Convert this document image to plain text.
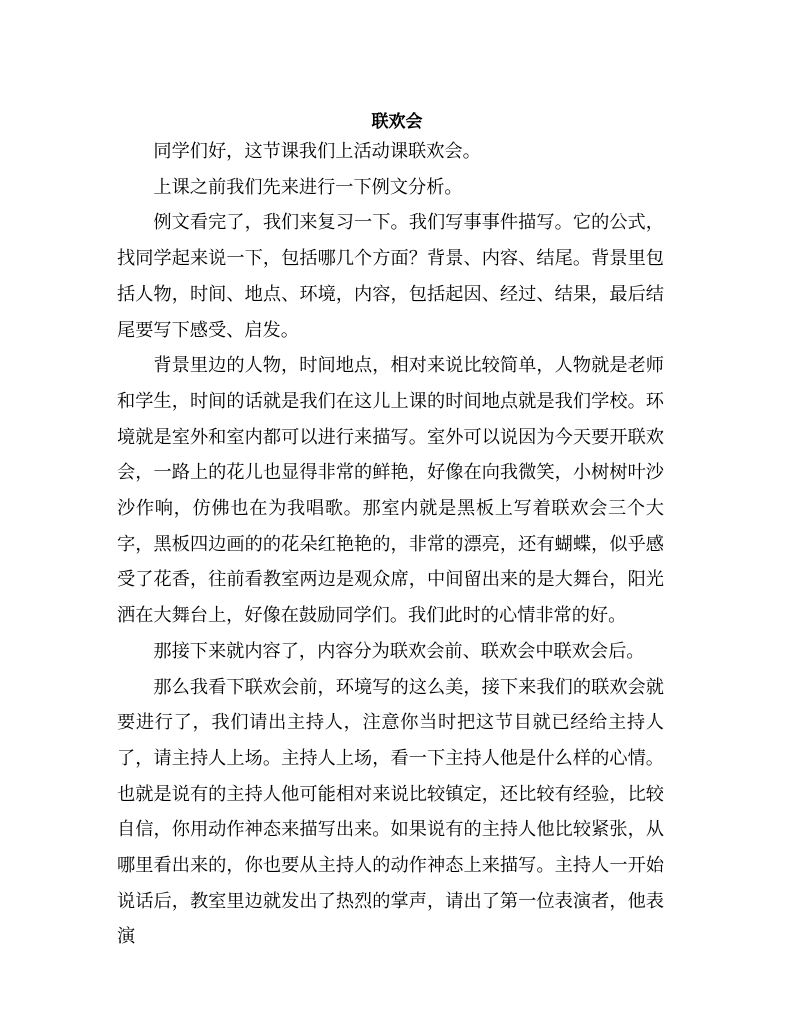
联欢会

同学们好，这节课我们上活动课联欢会。

上课之前我们先来进行一下例文分析。

例文看完了，我们来复习一下。我们写事事件描写。它的公式，找同学起来说一下，包括哪几个方面？背景、内容、结尾。背景里包括人物，时间、地点、环境，内容，包括起因、经过、结果，最后结尾要写下感受、启发。

背景里边的人物，时间地点，相对来说比较简单，人物就是老师和学生，时间的话就是我们在这儿上课的时间地点就是我们学校。环境就是室外和室内都可以进行来描写。室外可以说因为今天要开联欢会，一路上的花儿也显得非常的鲜艳，好像在向我微笑，小树树叶沙沙作响，仿佛也在为我唱歌。那室内就是黑板上写着联欢会三个大字，黑板四边画的的花朵红艳艳的，非常的漂亮，还有蝴蝶，似乎感受了花香，往前看教室两边是观众席，中间留出来的是大舞台，阳光洒在大舞台上，好像在鼓励同学们。我们此时的心情非常的好。

那接下来就内容了，内容分为联欢会前、联欢会中联欢会后。

那么我看下联欢会前，环境写的这么美，接下来我们的联欢会就要进行了，我们请出主持人，注意你当时把这节目就已经给主持人了，请主持人上场。主持人上场，看一下主持人他是什么样的心情。也就是说有的主持人他可能相对来说比较镇定，还比较有经验，比较自信，你用动作神态来描写出来。如果说有的主持人他比较紧张，从哪里看出来的，你也要从主持人的动作神态上来描写。主持人一开始说话后，教室里边就发出了热烈的掌声，请出了第一位表演者，他表演
